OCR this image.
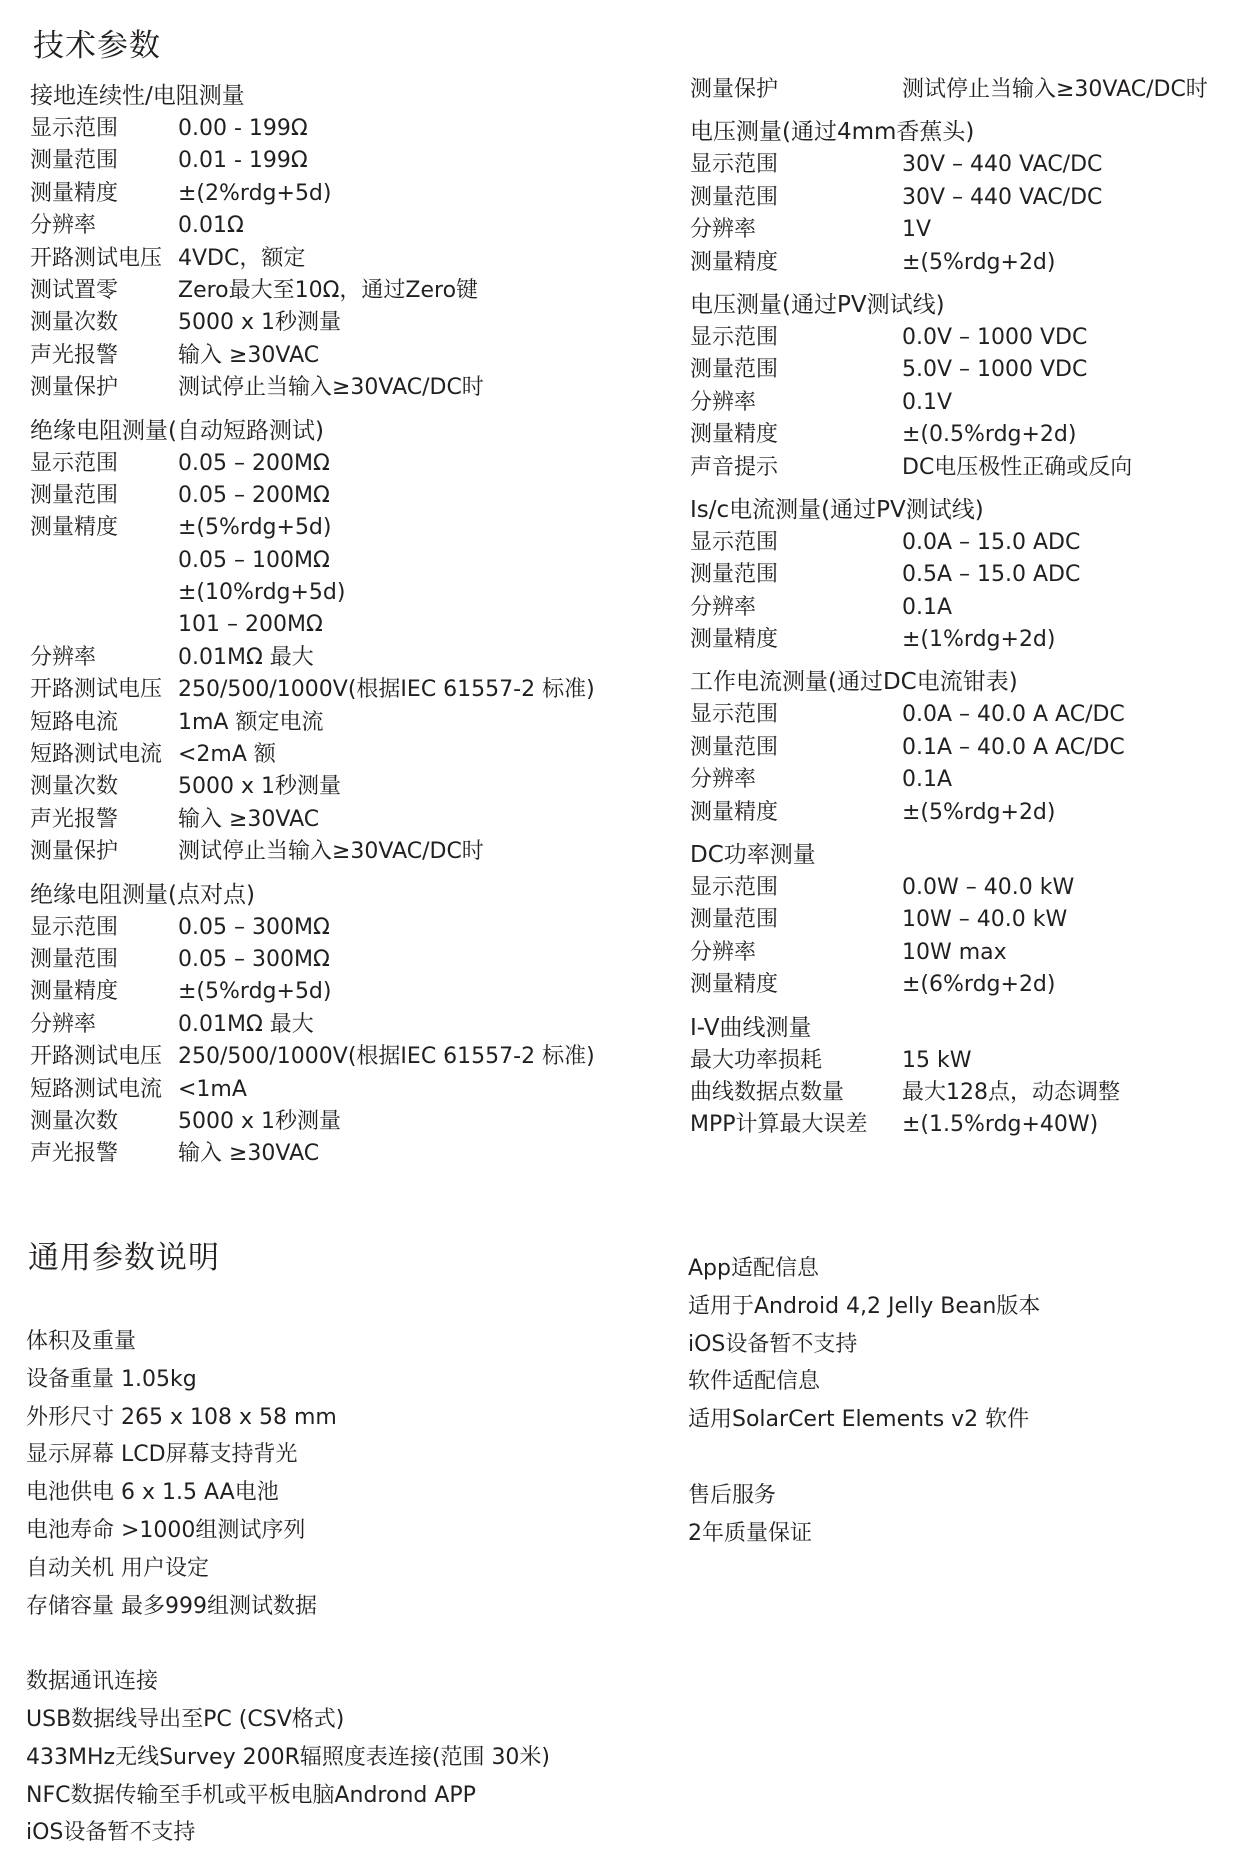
技术参数
接地连续性/电阻测量
显示范围	0.00 - 199Ω
测量范围	0.01 - 199Ω
测量精度	±(2%rdg+5d)
分辨率	0.01Ω
开路测试电压 4VDC，额定
测试置零	Zero最大至10Ω，通过Zero键
测量次数	5000 x 1秒测量
声光报警	输入 ≥30VAC
测量保护	测试停止当输入≥30VAC/DC时
绝缘电阻测量(自动短路测试)
显示范围	0.05 – 200MΩ
测量范围	0.05 – 200MΩ
测量精度	±(5%rdg+5d)
0.05 – 100MΩ
±(10%rdg+5d)
101 – 200MΩ
分辨率	0.01MΩ 最大
开路测试电压 250/500/1000V(根据IEC 61557-2 标准)
短路电流	1mA 额定电流
短路测试电流 <2mA 额
测量次数	5000 x 1秒测量
声光报警	输入 ≥30VAC
测量保护	测试停止当输入≥30VAC/DC时
绝缘电阻测量(点对点)
显示范围	0.05 – 300MΩ
测量范围	0.05 – 300MΩ
测量精度	±(5%rdg+5d)
分辨率	0.01MΩ 最大
开路测试电压 250/500/1000V(根据IEC 61557-2 标准)
短路测试电流 <1mA
测量次数	5000 x 1秒测量
声光报警	输入 ≥30VAC
测量保护	测试停止当输入≥30VAC/DC时
电压测量(通过4mm香蕉头)
显示范围	30V – 440 VAC/DC
测量范围	30V – 440 VAC/DC
分辨率	1V
测量精度	±(5%rdg+2d)
电压测量(通过PV测试线)
显示范围	0.0V – 1000 VDC
测量范围	5.0V – 1000 VDC
分辨率	0.1V
测量精度	±(0.5%rdg+2d)
声音提示	DC电压极性正确或反向
Is/c电流测量(通过PV测试线)
显示范围	0.0A – 15.0 ADC
测量范围	0.5A – 15.0 ADC
分辨率	0.1A
测量精度	±(1%rdg+2d)
工作电流测量(通过DC电流钳表)
显示范围	0.0A – 40.0 A AC/DC
测量范围	0.1A – 40.0 A AC/DC
分辨率	0.1A
测量精度	±(5%rdg+2d)
DC功率测量
显示范围	0.0W – 40.0 kW
测量范围	10W – 40.0 kW
分辨率	10W max
测量精度	±(6%rdg+2d)
I-V曲线测量
最大功率损耗	15 kW
曲线数据点数量	最大128点，动态调整
MPP计算最大误差 ±(1.5%rdg+40W)
通用参数说明
体积及重量
设备重量 1.05kg
外形尺寸 265 x 108 x 58 mm
显示屏幕 LCD屏幕支持背光
电池供电 6 x 1.5 AA电池
电池寿命 >1000组测试序列
自动关机 用户设定
存储容量 最多999组测试数据
数据通讯连接
USB数据线导出至PC (CSV格式)
433MHz无线Survey 200R辐照度表连接(范围 30米)
NFC数据传输至手机或平板电脑Andrond APP
iOS设备暂不支持
App适配信息
适用于Android 4,2 Jelly Bean版本
iOS设备暂不支持
软件适配信息
适用SolarCert Elements v2 软件
售后服务
2年质量保证
